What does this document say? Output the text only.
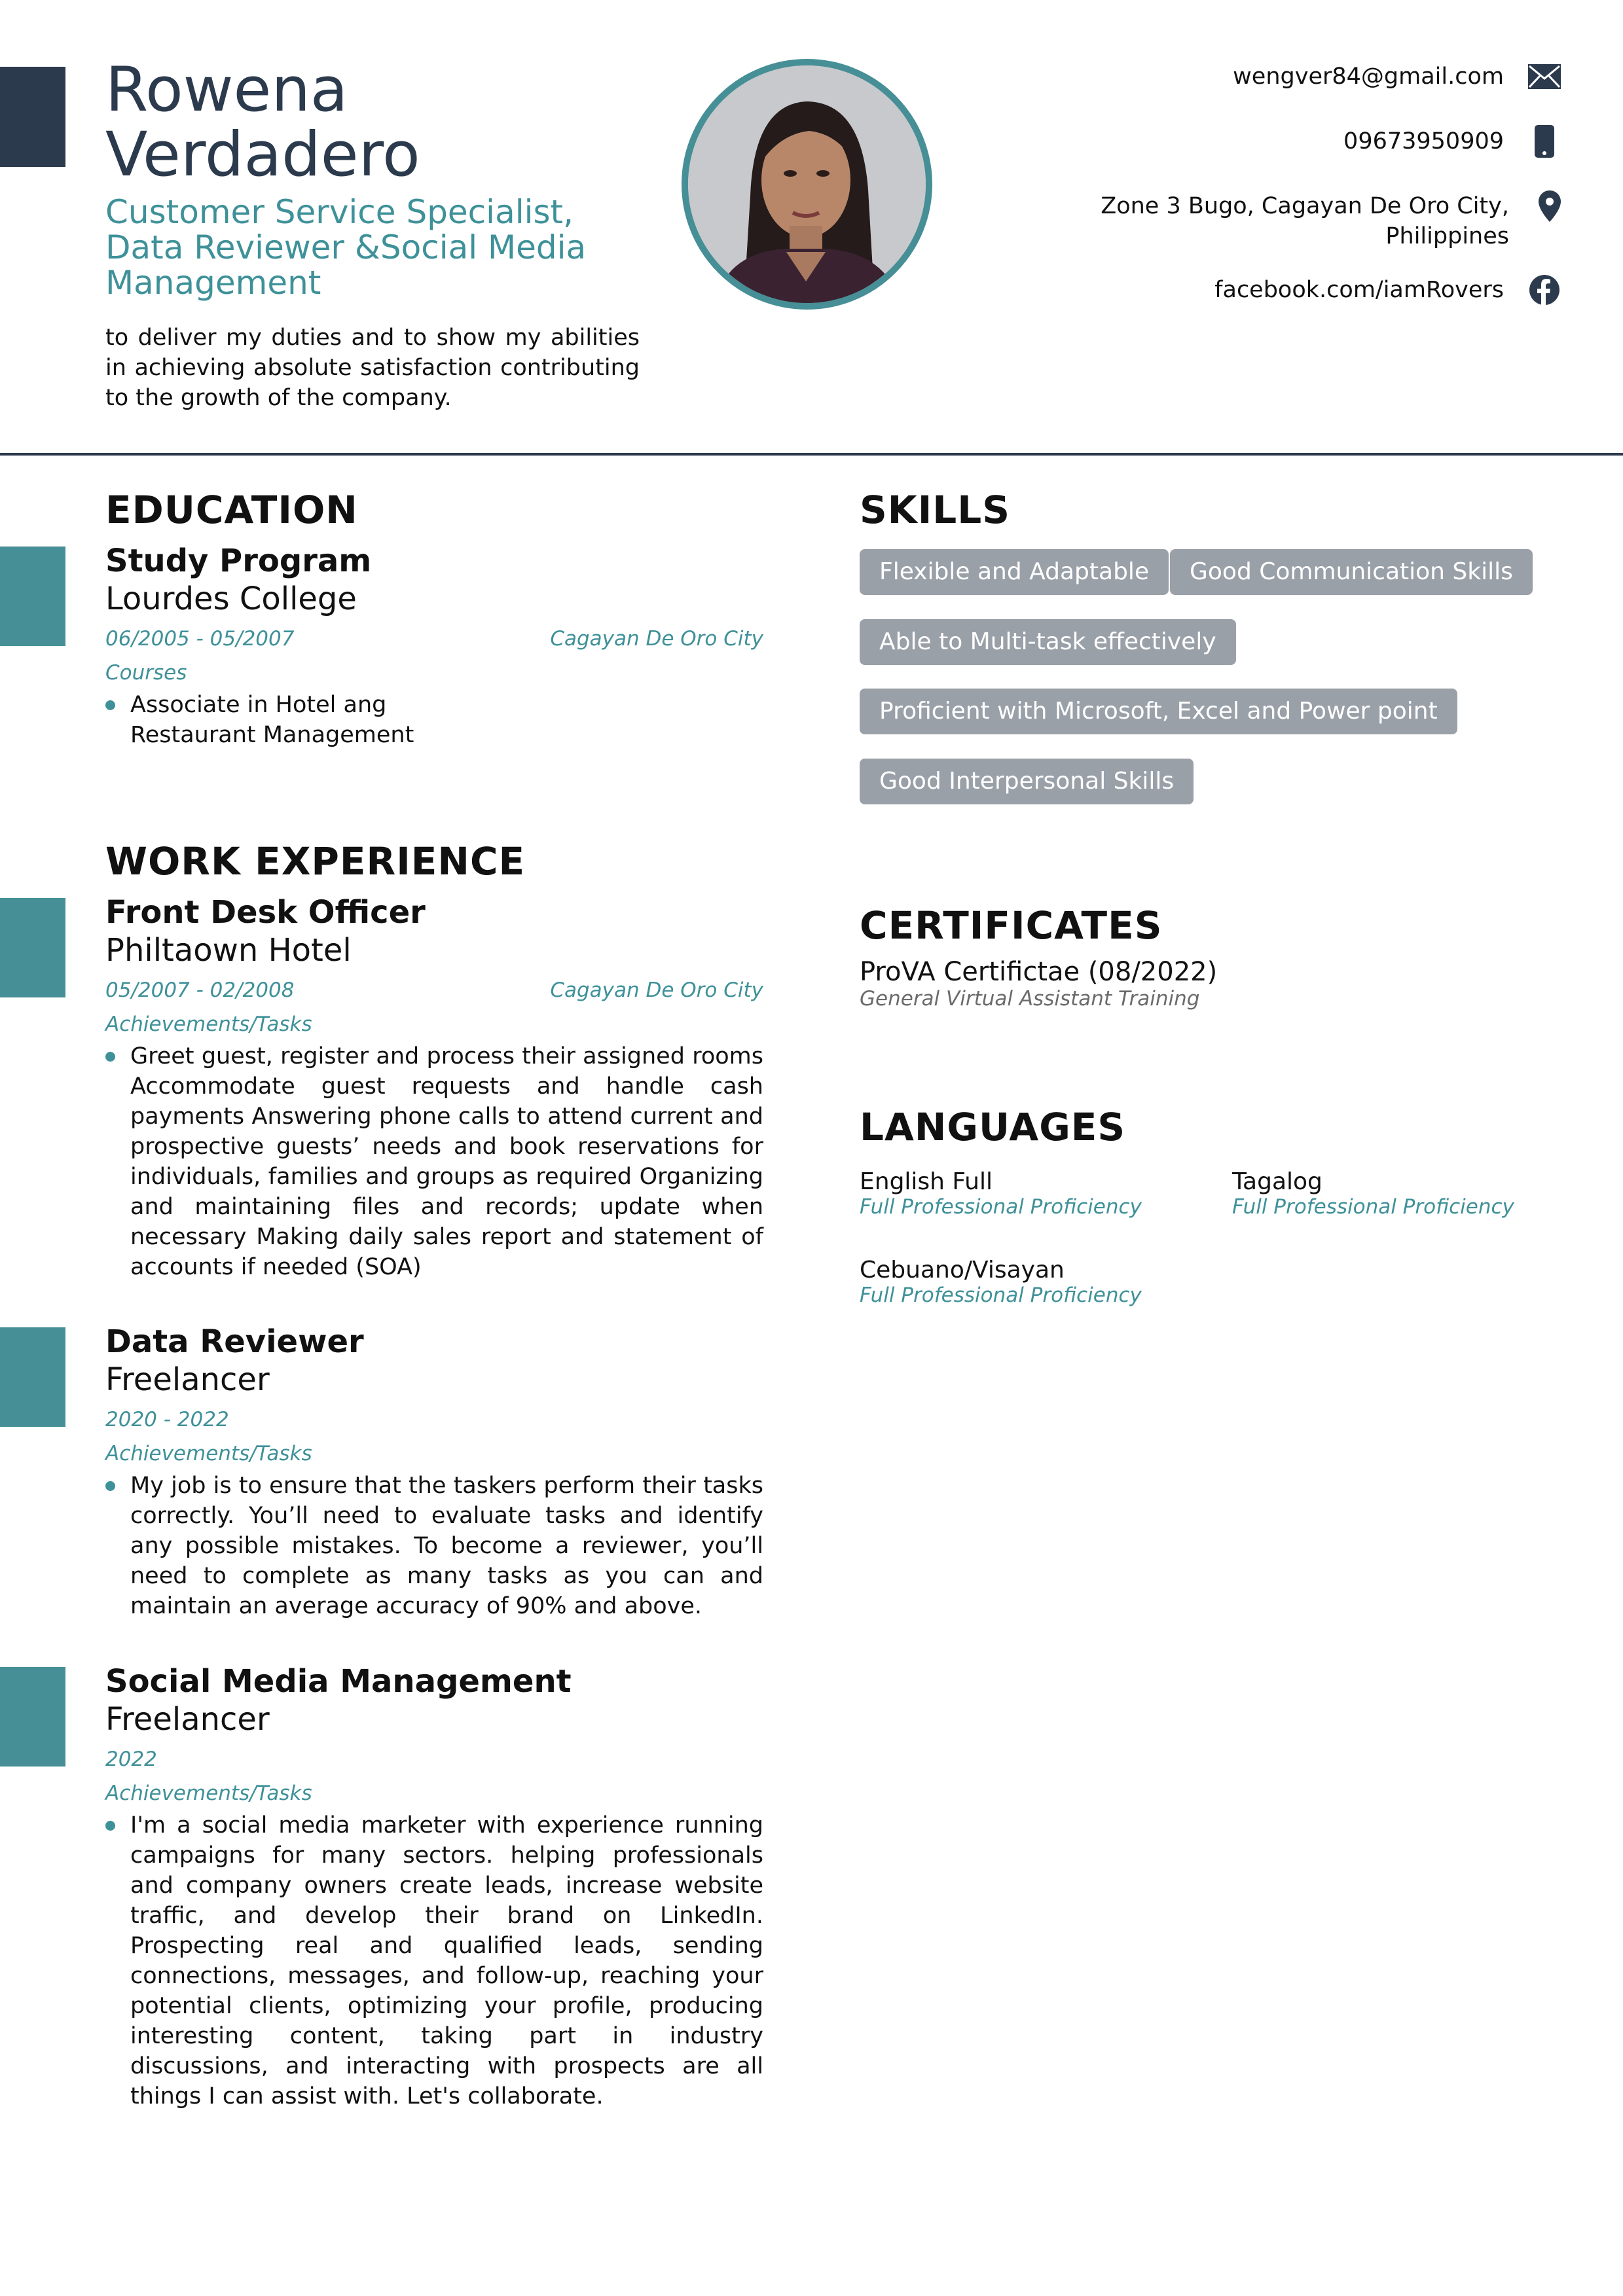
Rowena
Verdadero
Customer Service Specialist, Data Reviewer &Social Media Management
to deliver my duties and to show my abilities in achieving absolute satisfaction contributing to the growth of the company.
wengver84@gmail.com
09673950909
Zone 3 Bugo, Cagayan De Oro City,
Philippines
facebook.com/iamRovers
EDUCATION
Study Program
Lourdes College
06/2005 - 05/2007	Cagayan De Oro City
Courses
Associate in Hotel ang
Restaurant Management
WORK EXPERIENCE
Front Desk Officer
Philtaown Hotel
05/2007 - 02/2008	Cagayan De Oro City
Achievements/Tasks
Greet guest, register and process their assigned rooms Accommodate guest requests and handle cash payments Answering phone calls to attend current and prospective guests’ needs and book reservations for individuals, families and groups as required Organizing and maintaining files and records; update when necessary Making daily sales report and statement of accounts if needed (SOA)
Data Reviewer
Freelancer
2020 - 2022
Achievements/Tasks
My job is to ensure that the taskers perform their tasks correctly. You’ll need to evaluate tasks and identify any possible mistakes. To become a reviewer, you’ll need to complete as many tasks as you can and maintain an average accuracy of 90% and above.
Social Media Management
Freelancer
2022
Achievements/Tasks
I'm a social media marketer with experience running campaigns for many sectors. helping professionals and company owners create leads, increase website traffic, and develop their brand on LinkedIn. Prospecting real and qualified leads, sending connections, messages, and follow-up, reaching your potential clients, optimizing your profile, producing interesting content, taking part in industry discussions, and interacting with prospects are all things I can assist with. Let's collaborate.
SKILLS
Flexible and Adaptable	Good Communication Skills
Able to Multi-task effectively
Proficient with Microsoft, Excel and Power point
Good Interpersonal Skills
CERTIFICATES
ProVA Certifictae (08/2022)
General Virtual Assistant Training
LANGUAGES
English Full
Full Professional Proficiency
Tagalog
Full Professional Proficiency
Cebuano/Visayan
Full Professional Proficiency
